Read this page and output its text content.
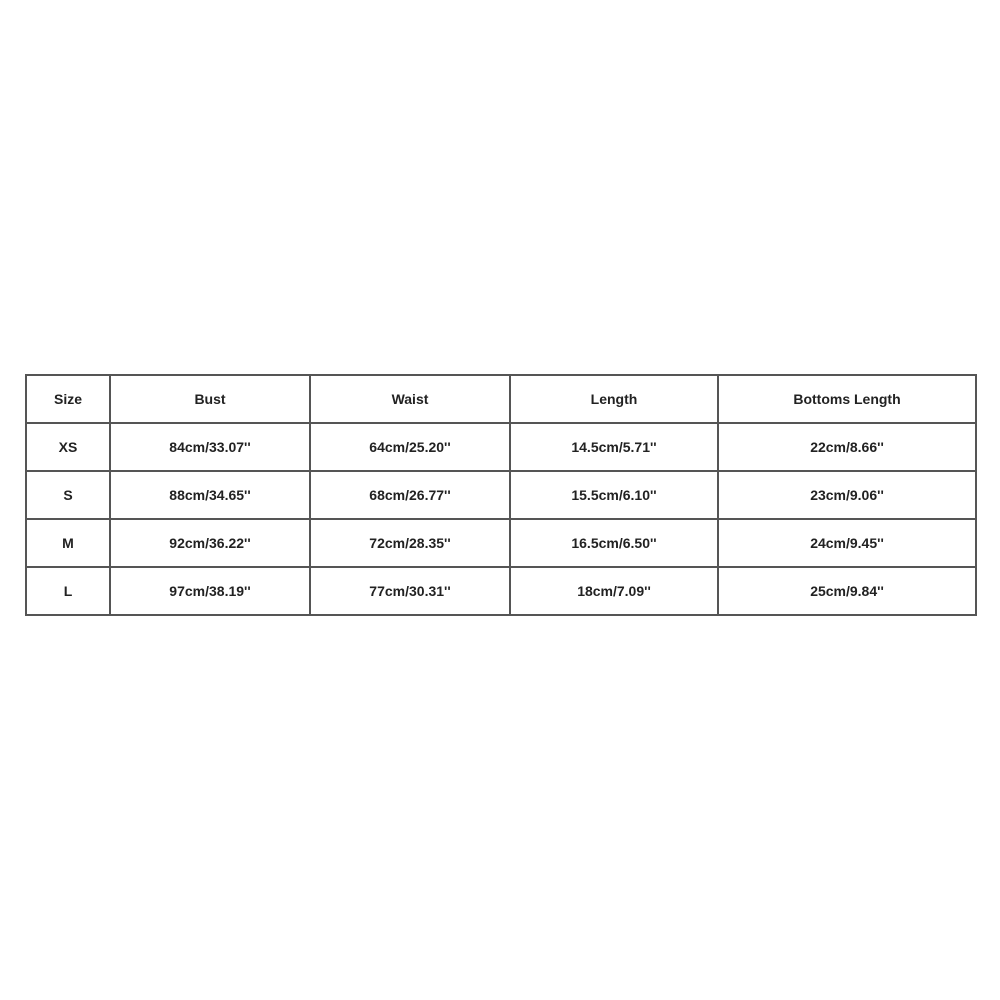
Size	Bust	Waist	Length	Bottoms Length
XS	84cm/33.07''	64cm/25.20''	14.5cm/5.71''	22cm/8.66''
S	88cm/34.65''	68cm/26.77''	15.5cm/6.10''	23cm/9.06''
M	92cm/36.22''	72cm/28.35''	16.5cm/6.50''	24cm/9.45''
L	97cm/38.19''	77cm/30.31''	18cm/7.09''	25cm/9.84''
